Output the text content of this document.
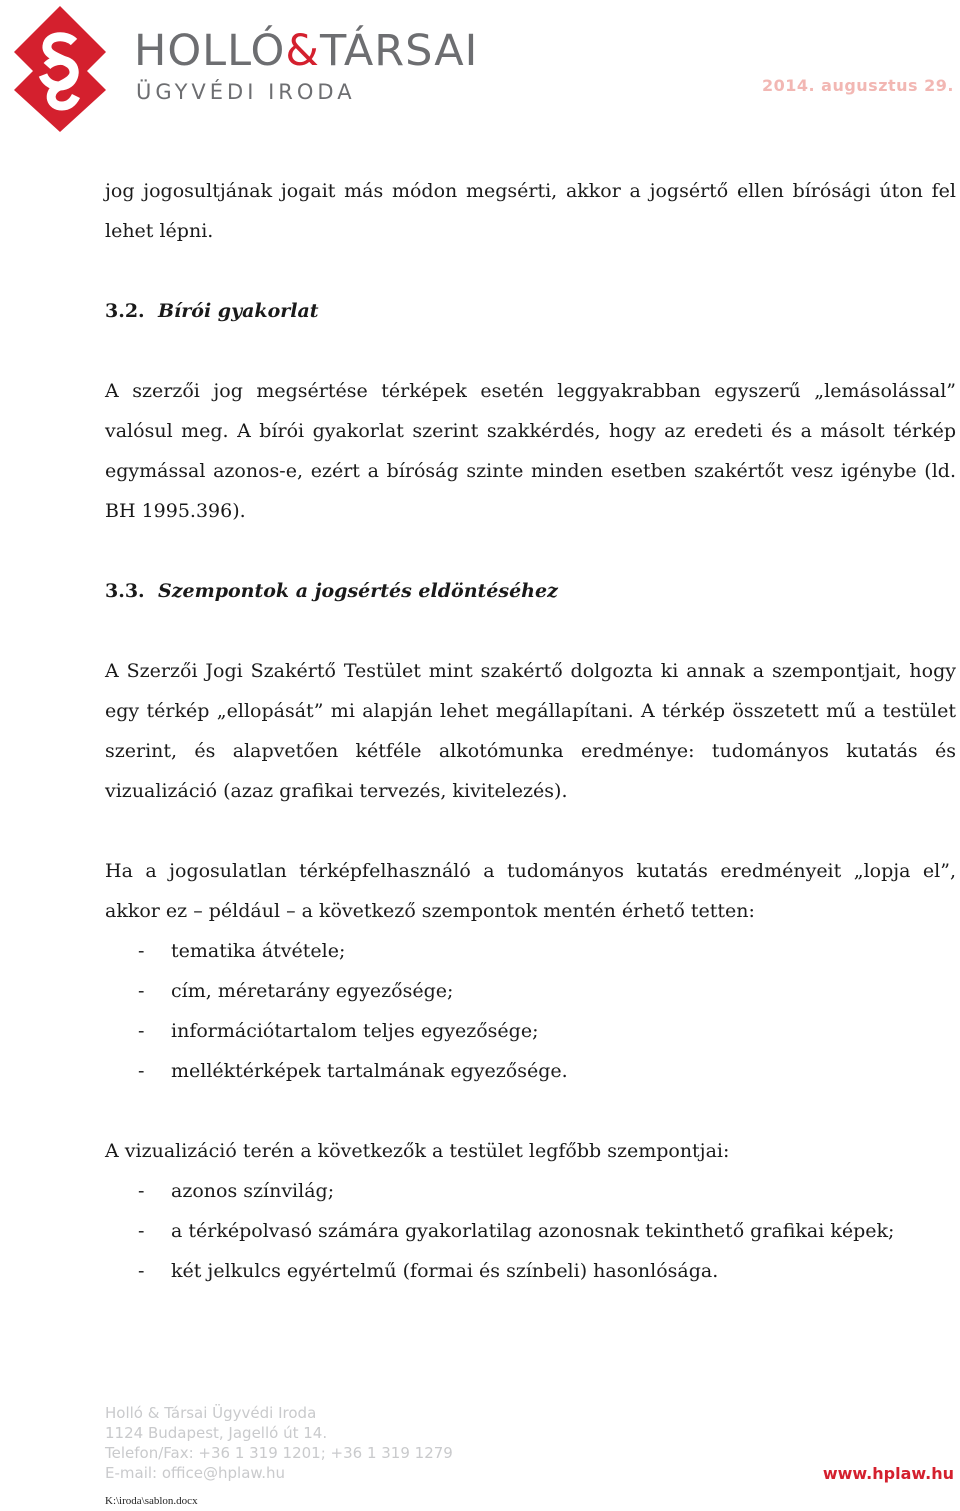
HOLLÓ&TÁRSAI
ÜGYVÉDI IRODA	2014. augusztus 29.

jog jogosultjának jogait más módon megsérti, akkor a jogsértő ellen bírósági úton fel lehet lépni.

3.2. Bírói gyakorlat

A szerzői jog megsértése térképek esetén leggyakrabban egyszerű „lemásolással” valósul meg. A bírói gyakorlat szerint szakkérdés, hogy az eredeti és a másolt térkép egymással azonos-e, ezért a bíróság szinte minden esetben szakértőt vesz igénybe (ld. BH 1995.396).

3.3. Szempontok a jogsértés eldöntéséhez

A Szerzői Jogi Szakértő Testület mint szakértő dolgozta ki annak a szempontjait, hogy egy térkép „ellopását” mi alapján lehet megállapítani. A térkép összetett mű a testület szerint, és alapvetően kétféle alkotómunka eredménye: tudományos kutatás és vizualizáció (azaz grafikai tervezés, kivitelezés).

Ha a jogosulatlan térképfelhasználó a tudományos kutatás eredményeit „lopja el”, akkor ez – például – a következő szempontok mentén érhető tetten:

- tematika átvétele;
- cím, méretarány egyezősége;
- információtartalom teljes egyezősége;
- melléktérképek tartalmának egyezősége.

A vizualizáció terén a következők a testület legfőbb szempontjai:

- azonos színvilág;
- a térképolvasó számára gyakorlatilag azonosnak tekinthető grafikai képek;
- két jelkulcs egyértelmű (formai és színbeli) hasonlósága.
Holló & Társai Ügyvédi Iroda
1124 Budapest, Jagelló út 14.
Telefon/Fax: +36 1 319 1201; +36 1 319 1279
E-mail: office@hplaw.hu	www.hplaw.hu
K:\iroda\sablon.docx
